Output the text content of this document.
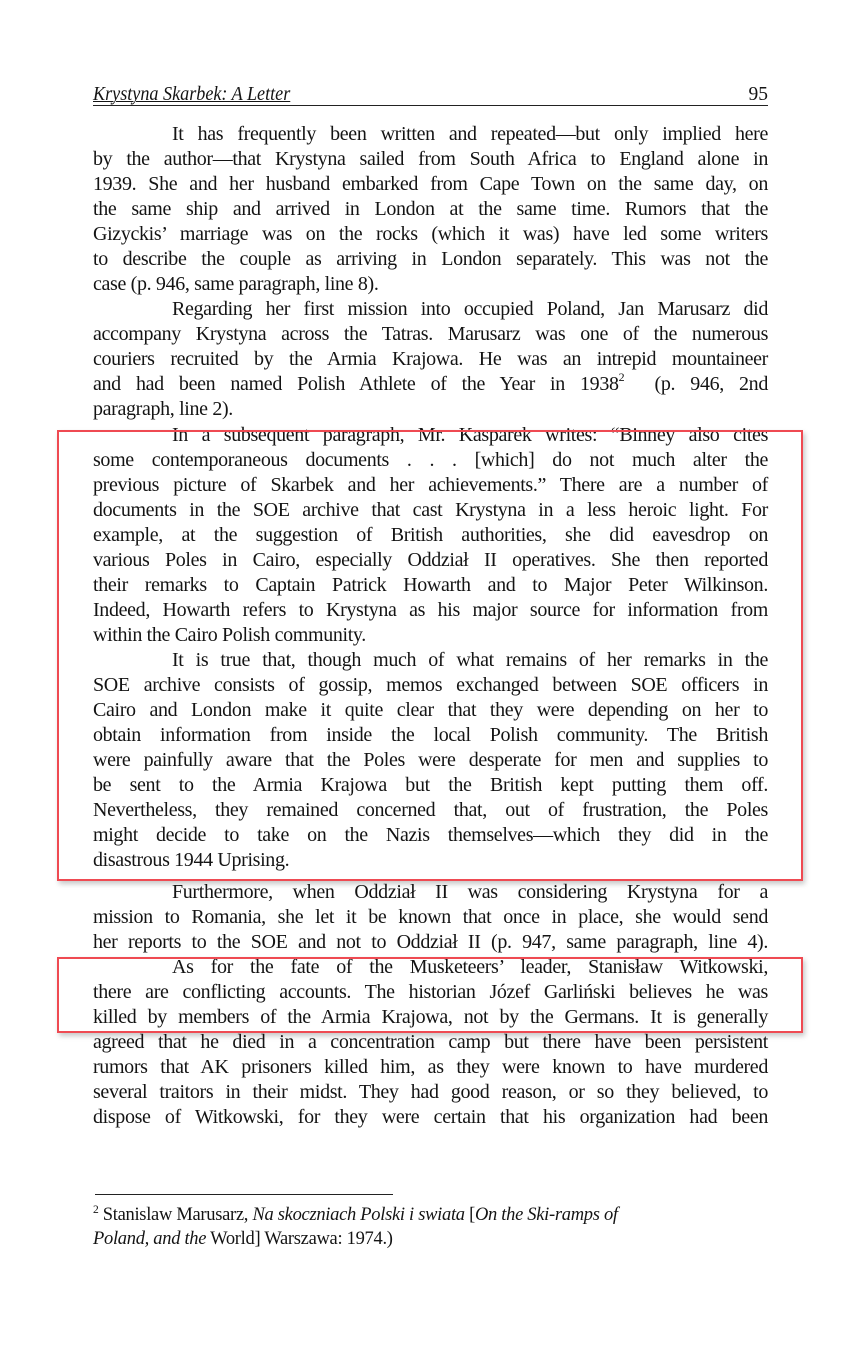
Krystyna Skarbek: A Letter	95
It has frequently been written and repeated—but only implied here
by the author—that Krystyna sailed from South Africa to England alone in
1939. She and her husband embarked from Cape Town on the same day, on
the same ship and arrived in London at the same time. Rumors that the
Gizyckis’ marriage was on the rocks (which it was) have led some writers
to describe the couple as arriving in London separately. This was not the
case (p. 946, same paragraph, line 8).
Regarding her first mission into occupied Poland, Jan Marusarz did
accompany Krystyna across the Tatras. Marusarz was one of the numerous
couriers recruited by the Armia Krajowa. He was an intrepid mountaineer
and had been named Polish Athlete of the Year in 1938$^2$  (p. 946, 2nd
paragraph, line 2).
In a subsequent paragraph, Mr. Kasparek writes: “Binney also cites
some contemporaneous documents . . . [which] do not much alter the
previous picture of Skarbek and her achievements.” There are a number of
documents in the SOE archive that cast Krystyna in a less heroic light. For
example, at the suggestion of British authorities, she did eavesdrop on
various Poles in Cairo, especially Oddział II operatives. She then reported
their remarks to Captain Patrick Howarth and to Major Peter Wilkinson.
Indeed, Howarth refers to Krystyna as his major source for information from
within the Cairo Polish community.
It is true that, though much of what remains of her remarks in the
SOE archive consists of gossip, memos exchanged between SOE officers in
Cairo and London make it quite clear that they were depending on her to
obtain information from inside the local Polish community. The British
were painfully aware that the Poles were desperate for men and supplies to
be sent to the Armia Krajowa but the British kept putting them off.
Nevertheless, they remained concerned that, out of frustration, the Poles
might decide to take on the Nazis themselves—which they did in the
disastrous 1944 Uprising.
Furthermore, when Oddział II was considering Krystyna for a
mission to Romania, she let it be known that once in place, she would send
her reports to the SOE and not to Oddział II (p. 947, same paragraph, line 4).
As for the fate of the Musketeers’ leader, Stanisław Witkowski,
there are conflicting accounts. The historian Józef Garliński believes he was
killed by members of the Armia Krajowa, not by the Germans. It is generally
agreed that he died in a concentration camp but there have been persistent
rumors that AK prisoners killed him, as they were known to have murdered
several traitors in their midst. They had good reason, or so they believed, to
dispose of Witkowski, for they were certain that his organization had been
$^2$ Stanislaw Marusarz, Na skoczniach Polski i swiata [On the Ski-ramps of
Poland, and the World] Warszawa: 1974.)
